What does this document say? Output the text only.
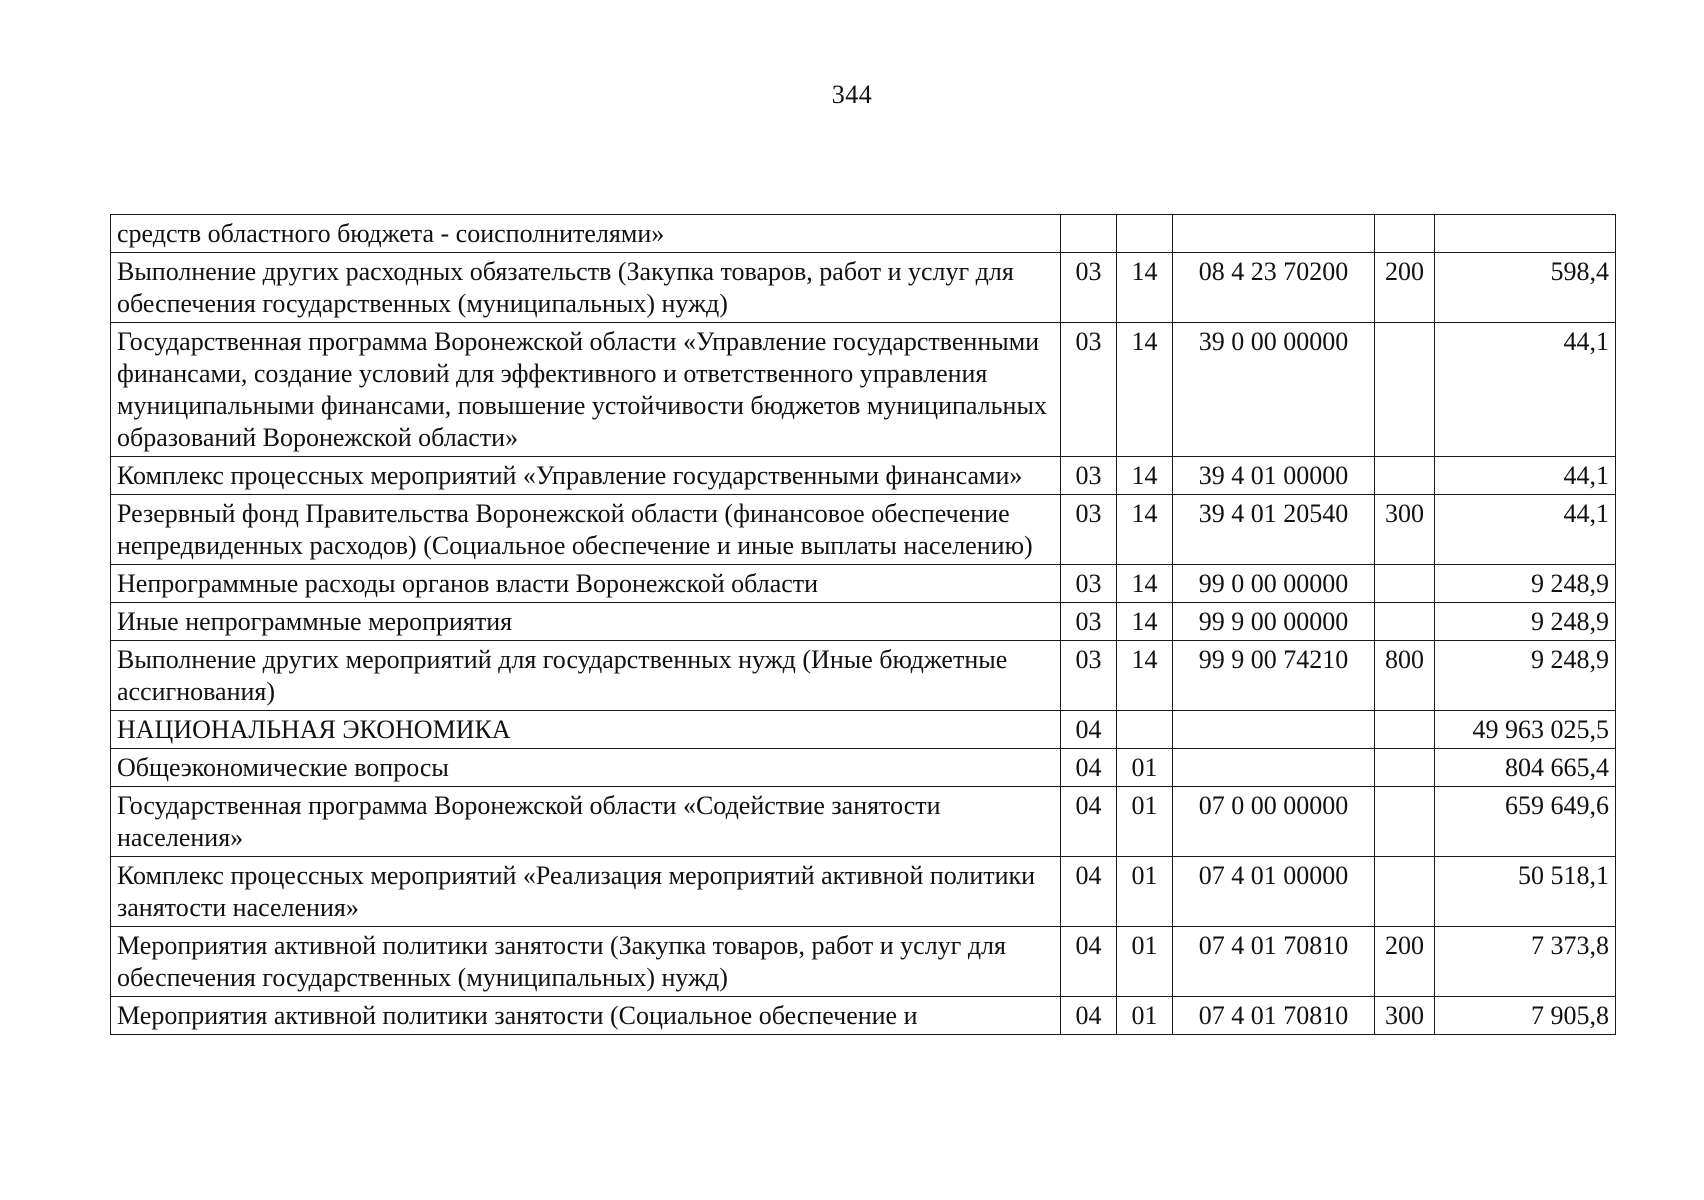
344
средств областного бюджета - соисполнителями»					
Выполнение других расходных обязательств (Закупка товаров, работ и услуг для обеспечения государственных (муниципальных) нужд)	03	14	08 4 23 70200	200	598,4
Государственная программа Воронежской области «Управление государственными финансами, создание условий для эффективного и ответственного управления муниципальными финансами, повышение устойчивости бюджетов муниципальных образований Воронежской области»	03	14	39 0 00 00000		44,1
Комплекс процессных мероприятий «Управление государственными финансами»	03	14	39 4 01 00000		44,1
Резервный фонд Правительства Воронежской области (финансовое обеспечение непредвиденных расходов) (Социальное обеспечение и иные выплаты населению)	03	14	39 4 01 20540	300	44,1
Непрограммные расходы органов власти Воронежской области	03	14	99 0 00 00000		9 248,9
Иные непрограммные мероприятия	03	14	99 9 00 00000		9 248,9
Выполнение других мероприятий для государственных нужд (Иные бюджетные ассигнования)	03	14	99 9 00 74210	800	9 248,9
НАЦИОНАЛЬНАЯ ЭКОНОМИКА	04				49 963 025,5
Общеэкономические вопросы	04	01			804 665,4
Государственная программа Воронежской области «Содействие занятости населения»	04	01	07 0 00 00000		659 649,6
Комплекс процессных мероприятий «Реализация мероприятий активной политики занятости населения»	04	01	07 4 01 00000		50 518,1
Мероприятия активной политики занятости (Закупка товаров, работ и услуг для обеспечения государственных (муниципальных) нужд)	04	01	07 4 01 70810	200	7 373,8
Мероприятия активной политики занятости (Социальное обеспечение и	04	01	07 4 01 70810	300	7 905,8
